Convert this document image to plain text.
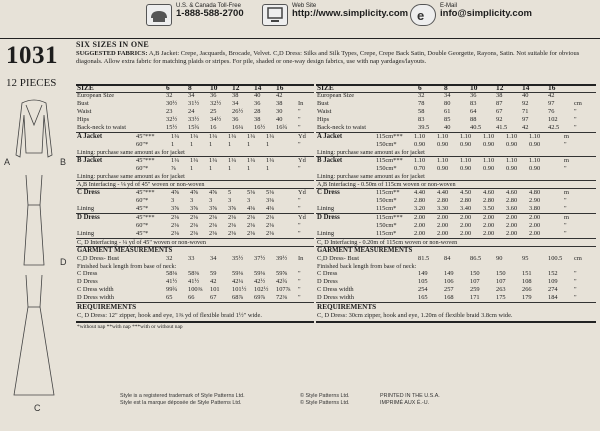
U.S. & Canada Toll-Free
1-888-588-2700
Web Site
http://www.simplicity.com e
E-Mail
info@simplicity.com
1031
12 PIECES
A	B
D
C
SIX SIZES IN ONE
SUGGESTED FABRICS: A,B Jacket: Crepe, Jacquards, Brocade, Velvet. C,D Dress: Silks and Silk Types, Crepe, Crepe Back Satin, Double Georgette, Rayons, Satin. Not suitable for obvious diagonals. Allow extra fabric for matching plaids or stripes. For pile, shaded or one-way design fabrics, use with nap yardages/layouts.
SIZE	6 8 10 12 14 16
European Size	32 34 36 38 40 42
Bust	30½ 31½ 32½ 34 36 38 In
Waist	23 24 25 26½ 28 30 "
Hips	32½ 33½ 34½ 36 38 40 "
Back-neck to waist	15½ 15¾ 16 16¼ 16½ 16¾ "
A Jacket	45"***	1¼ 1¼ 1¼ 1¼ 1¼ 1¼	Yd
60"*	1 1 1 1 1 1	"
Lining: purchase same amount as for jacket
B Jacket	45"***	1¼ 1¼ 1¼ 1¼ 1¼ 1¼	Yd
60"*	⅞ 1 1 1 1 1	"
Lining: purchase same amount as for jacket
A,B Interfacing - ⅛ yd of 45" woven or non-woven
C Dress	45"***	4⅝ 4⅝ 4⅝ 5 5⅛ 5⅛	Yd
60"*	3 3 3 3 3 3⅛	"
Lining	45"*	3⅝ 3⅝ 3⅝ 3⅝ 4⅛ 4⅛	"
D Dress	45"***	2⅛ 2⅛ 2⅛ 2⅛ 2⅛ 2⅛	Yd
60"*	2⅛ 2⅛ 2⅛ 2⅛ 2⅛ 2⅛	"
Lining	45"*	2⅛ 2⅛ 2⅛ 2⅛ 2⅛ 2⅛	"
C, D Interfacing - ¼ yd of 45" woven or non-woven
GARMENT MEASUREMENTS
C,D Dress- Bust	32 33 34 35½ 37½ 39½ In
Finished back length from base of neck:
C Dress	58⅛ 58⅜ 59 59⅛ 59⅛ 59⅝ "
D Dress	41½ 41½ 42 42¼ 42½ 42¾ "
C Dress width	99¾ 100⅜ 101 101½ 102½ 107⅞ "
D Dress width	65 66 67 68⅞ 69⅞ 72⅜ "
REQUIREMENTS
C, D Dress: 12" zipper, hook and eye, 1⅜ yd of flexible braid 1½" wide.
*without nap **with nap ***with or without nap
SIZE	6	8	10	12	14	16
European Size	32	34	36	38	40	42
Bust	78	80	83	87	92	97	cm
Waist	58	61	64	67	71	76	"
Hips	83	85	88	92	97	102	"
Back-neck to waist	39.5 40	40.5 41.5 42	42.5 "
A Jacket	115cm*** 1.10 1.10 1.10 1.10 1.10 1.10	m
150cm*	0.90 0.90 0.90 0.90 0.90 0.90	"
Lining: purchase same amount as for jacket
B Jacket	115cm*** 1.10 1.10 1.10 1.10 1.10 1.10	m
150cm*	0.70 0.90 0.90 0.90 0.90 0.90	"
Lining: purchase same amount as for jacket
A,B Interfacing - 0.50m of 115cm woven or non-woven
C Dress	115cm** 4.40 4.40 4.50 4.60 4.60 4.80	m
150cm*	2.80 2.80 2.80 2.80 2.80 2.90	"
Lining	115cm*	3.20 3.30 3.40 3.50 3.60 3.80	"
D Dress	115cm*** 2.00 2.00 2.00 2.00 2.00 2.00	m
150cm*	2.00 2.00 2.00 2.00 2.00 2.00	"
Lining	115cm*	2.00 2.00 2.00 2.00 2.00 2.00	"
C, D Interfacing - 0.20m of 115cm woven or non-woven
GARMENT MEASUREMENTS
C,D Dress- Bust	81.5 84	86.5 90	95	100.5 cm
Finished back length from base of neck:
C Dress	149	149	150	150	151	152	"
D Dress	105	106	107	107	108	109	"
C Dress width	254	257	259	263	266	274	"
D Dress width	165	168	171	175	179	184	"
REQUIREMENTS
C, D Dress: 30cm zipper, hook and eye, 1.20m of flexible braid 3.8cm wide.
Style is a registered trademark of Style Patterns Ltd.
Style est la marque déposée de Style Patterns Ltd.
© Style Patterns Ltd.
© Style Patterns Ltd.
PRINTED IN THE U.S.A.
IMPRIMÉ AUX É.-U.
